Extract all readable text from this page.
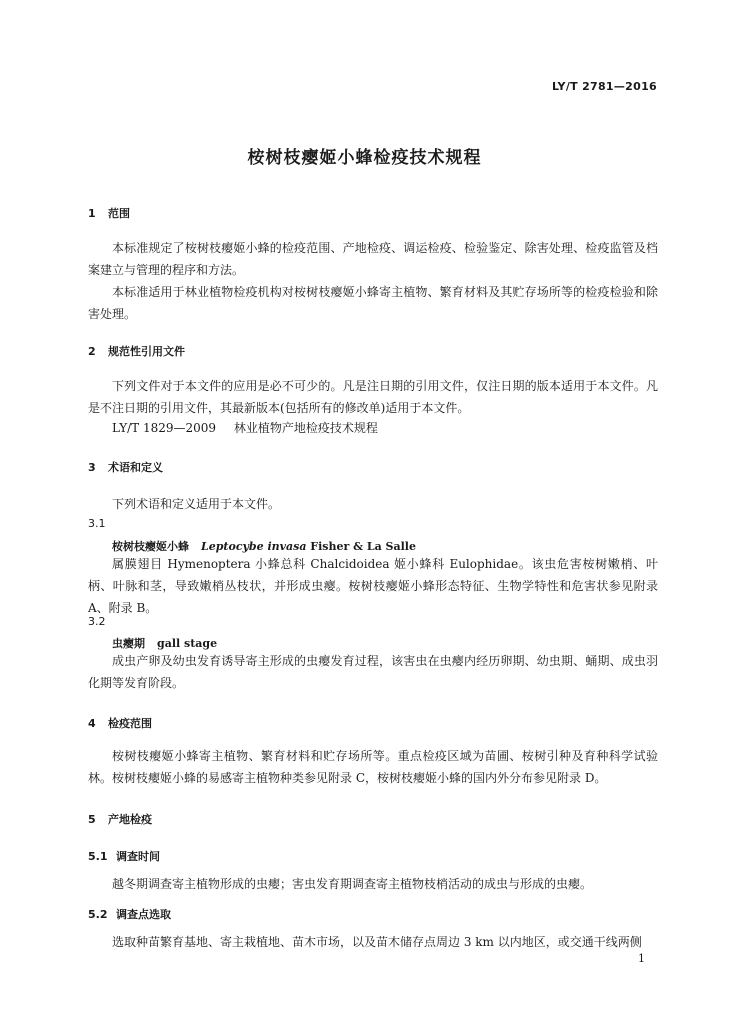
LY/T 2781—2016
桉树枝瘿姬小蜂检疫技术规程
1 范围
本标准规定了桉树枝瘿姬小蜂的检疫范围、产地检疫、调运检疫、检验鉴定、除害处理、检疫监管及档案建立与管理的程序和方法。
本标准适用于林业植物检疫机构对桉树枝瘿姬小蜂寄主植物、繁育材料及其贮存场所等的检疫检验和除害处理。
2 规范性引用文件
下列文件对于本文件的应用是必不可少的。凡是注日期的引用文件，仅注日期的版本适用于本文件。凡是不注日期的引用文件，其最新版本(包括所有的修改单)适用于本文件。
LY/T 1829—2009 林业植物产地检疫技术规程
3 术语和定义
下列术语和定义适用于本文件。
3.1
桉树枝瘿姬小蜂 Leptocybe invasa Fisher & La Salle
属膜翅目 Hymenoptera 小蜂总科 Chalcidoidea 姬小蜂科 Eulophidae。该虫危害桉树嫩梢、叶柄、叶脉和茎，导致嫩梢丛枝状，并形成虫瘿。桉树枝瘿姬小蜂形态特征、生物学特性和危害状参见附录 A、附录 B。
3.2
虫瘿期 gall stage
成虫产卵及幼虫发育诱导寄主形成的虫瘿发育过程，该害虫在虫瘿内经历卵期、幼虫期、蛹期、成虫羽化期等发育阶段。
4 检疫范围
桉树枝瘿姬小蜂寄主植物、繁育材料和贮存场所等。重点检疫区域为苗圃、桉树引种及育种科学试验林。桉树枝瘿姬小蜂的易感寄主植物种类参见附录 C，桉树枝瘿姬小蜂的国内外分布参见附录 D。
5 产地检疫
5.1 调查时间
越冬期调查寄主植物形成的虫瘿；害虫发育期调查寄主植物枝梢活动的成虫与形成的虫瘿。
5.2 调查点选取
选取种苗繁育基地、寄主栽植地、苗木市场，以及苗木储存点周边 3 km 以内地区，或交通干线两侧
1
